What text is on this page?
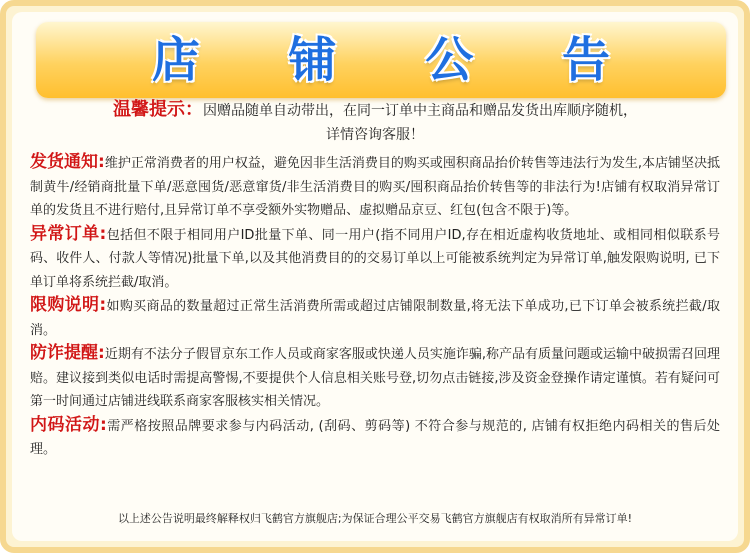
店 铺 公 告
温馨提示：因赠品随单自动带出，在同一订单中主商品和赠品发货出库顺序随机，
详情咨询客服！

发货通知:维护正常消费者的用户权益，避免因非生活消费目的购买或囤积商品抬价转售等违法行为发生,本店铺坚决抵制黄牛/经销商批量下单/恶意囤货/恶意窜货/非生活消费目的购买/囤积商品抬价转售等的非法行为!店铺有权取消异常订单的发货且不进行赔付,且异常订单不享受额外实物赠品、虚拟赠品京豆、红包(包含不限于)等。

异常订单:包括但不限于相同用户ID批量下单、同一用户(指不同用户ID,存在相近虚构收货地址、或相同相似联系号码、收件人、付款人等情况)批量下单,以及其他消费目的的交易订单以上可能被系统判定为异常订单,触发限购说明, 已下单订单将系统拦截/取消。

限购说明:如购买商品的数量超过正常生活消费所需或超过店铺限制数量,将无法下单成功,已下订单会被系统拦截/取消。

防诈提醒:近期有不法分子假冒京东工作人员或商家客服或快递人员实施诈骗,称产品有质量问题或运输中破损需召回理赔。建议接到类似电话时需提高警惕,不要提供个人信息相关账号登,切勿点击链接,涉及资金登操作请定谨慎。若有疑问可第一时间通过店铺进线联系商家客服核实相关情况。

内码活动:需严格按照品牌要求参与内码活动, (刮码、剪码等) 不符合参与规范的, 店铺有权拒绝内码相关的售后处理。

以上述公告说明最终解释权归飞鹤官方旗舰店;为保证合理公平交易飞鹤官方旗舰店有权取消所有异常订单!
